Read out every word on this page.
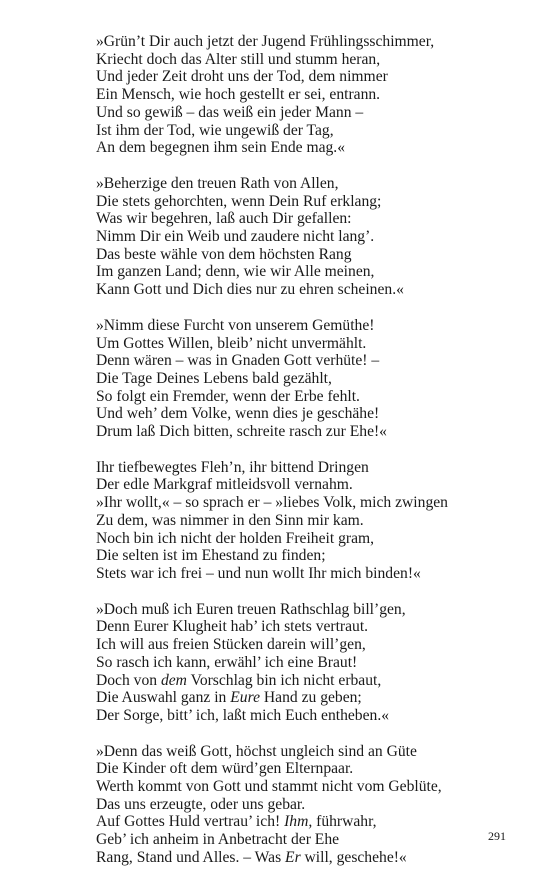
»Grün’t Dir auch jetzt der Jugend Frühlingsschimmer,
Kriecht doch das Alter still und stumm heran,
Und jeder Zeit droht uns der Tod, dem nimmer
Ein Mensch, wie hoch gestellt er sei, entrann.
Und so gewiß – das weiß ein jeder Mann –
Ist ihm der Tod, wie ungewiß der Tag,
An dem begegnen ihm sein Ende mag.«
»Beherzige den treuen Rath von Allen,
Die stets gehorchten, wenn Dein Ruf erklang;
Was wir begehren, laß auch Dir gefallen:
Nimm Dir ein Weib und zaudere nicht lang’.
Das beste wähle von dem höchsten Rang
Im ganzen Land; denn, wie wir Alle meinen,
Kann Gott und Dich dies nur zu ehren scheinen.«
»Nimm diese Furcht von unserem Gemüthe!
Um Gottes Willen, bleib’ nicht unvermählt.
Denn wären – was in Gnaden Gott verhüte! –
Die Tage Deines Lebens bald gezählt,
So folgt ein Fremder, wenn der Erbe fehlt.
Und weh’ dem Volke, wenn dies je geschähe!
Drum laß Dich bitten, schreite rasch zur Ehe!«
Ihr tiefbewegtes Fleh’n, ihr bittend Dringen
Der edle Markgraf mitleidsvoll vernahm.
»Ihr wollt,« – so sprach er – »liebes Volk, mich zwingen
Zu dem, was nimmer in den Sinn mir kam.
Noch bin ich nicht der holden Freiheit gram,
Die selten ist im Ehestand zu finden;
Stets war ich frei – und nun wollt Ihr mich binden!«
»Doch muß ich Euren treuen Rathschlag bill’gen,
Denn Eurer Klugheit hab’ ich stets vertraut.
Ich will aus freien Stücken darein will’gen,
So rasch ich kann, erwähl’ ich eine Braut!
Doch von dem Vorschlag bin ich nicht erbaut,
Die Auswahl ganz in Eure Hand zu geben;
Der Sorge, bitt’ ich, laßt mich Euch entheben.«
»Denn das weiß Gott, höchst ungleich sind an Güte
Die Kinder oft dem würd’gen Elternpaar.
Werth kommt von Gott und stammt nicht vom Geblüte,
Das uns erzeugte, oder uns gebar.
Auf Gottes Huld vertrau’ ich! Ihm, führwahr,
Geb’ ich anheim in Anbetracht der Ehe
Rang, Stand und Alles. – Was Er will, geschehe!«
291
